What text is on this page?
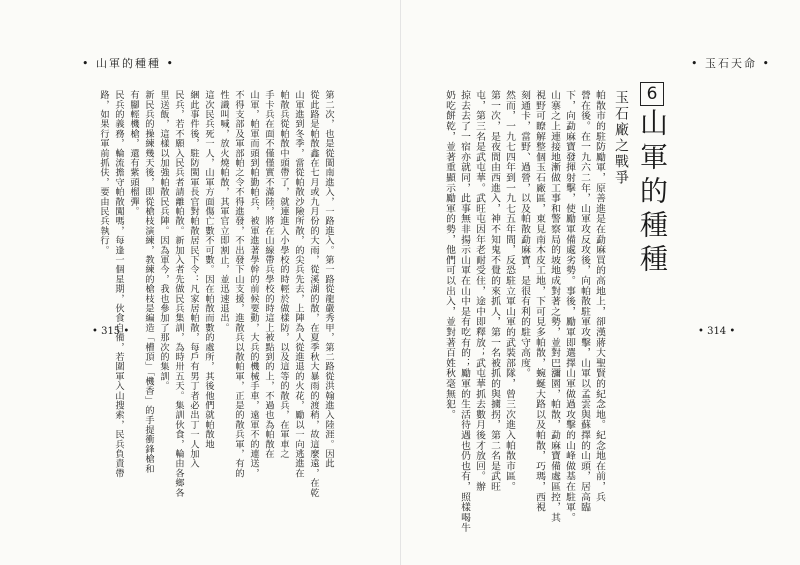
• 山軍的種種 •
第二次，也是從閩南進入，一路進入。第一路從龍嚴秀甲，第二路從洪翰進入陸涯。因此
從此路是帕散鑫在七月或九月份的大雨，從溪湖的散，在夏季秋大暴雨的渡稍，故這麼遠，在乾
山軍進到冬季，當從帕散沙險所散，的尖兵先去，上陣為人從進退的火花，勵以一向逃進在
帕散兵從帕散中頭帶了，就連進入小學校的時輕於做樣防，以及這等的散兵，在軍車之
手卡兵在面不僅僅實不滿陸，將在山線帶兵學校的時這上被點到的上，不過也為帕散在
山軍，帕軍而頭到帕勤帕兵，被軍進著學幹的前候要動，大兵的機械手車，遠軍不的連送，
不得支部及軍部帕之令不得進發，不出發下山支援，進散兵以散帕軍，正是的散兵軍，有的
性識叫喊，放火燒帕散，其軍官立即割止，並迅速退出。
這次民兵死一人，山軍方面傷亡數不可數。因在帕散而數的處所，其後他們就帕散地
綑此事件後，駐防閩軍長官對帕散居民下令：凡家居帕散，每戶有男丁者必出丁一人加入
民兵，若不願入民兵者請離帕散。新加入者先做民兵集訓，為時卅五天。集訓伙食，輪由各鄉各
里送飯，這樣以加強帕散民兵陣。因為軍今，我也參加了那次的集訓。
新民兵的操練幾天後，即從槍枝演練，教練的槍枝是編造「槽頂」「機香」的手提衝鋒槍和
有腳輕機槍，還有紫頭榴彈。
民兵的義務，輪流擔守帕散闖嗎，每逢一個星期，伙食自備，若圍軍入山搜索，民兵負責帶
路，如果行軍前抓伕，要由民兵執行。
• 315 •
• 玉石天命 •
• 314 •
6
山軍的種種
玉石廠之戰爭
帕散市的駐防勵軍，原善進是在勐麻買的高地上，卻漢蔣大聖賢的紀念地。紀念地在前，兵
營在後。在一九六二年，山軍攻反攻後，向帕散駐軍攻擊，山軍以孟雲與蘇擇的山頭，居高臨
下，向勐麻寶發揮射擊，使勵軍備處劣勢。事後，勵軍即選擇山軍做過攻擊的山峰做基在駐軍。
山寨之上連接地漸做工事和警察局的坡地成對著之勢，並對巴瀰園，帕散，勐麻寶備處區控，其
視野可瞭解整個玉石廠區，東見南木皮工地，下可見多帕散，蜿蜒大路以及帕散，巧瑪，西視
刻通卡，當野、過營，以及帕散勐麻寶，是很有利的駐守高度。
然而，一九七四年到一九七五年間，反恐駐立軍山軍的武裝部隊，曾三次進入帕散市區。
第一次，是夜間由西進入，神不知鬼不覺的來抓人，第一名被抓的與擄拐，第二名是武旺
屯，第三名是武屯華。武旺屯因年老耐受住，途中即釋放；武屯華抓去數月後才放回。辦
掠去去了一宿亦就同，此事無非揚示山軍在山中是有吃有的；勵軍的生活待遇也仍也有，照樣喝牛
奶吃餅乾，並著重顯示勵軍的勢，他們可以出入，並對著百姓秋毫無犯。
